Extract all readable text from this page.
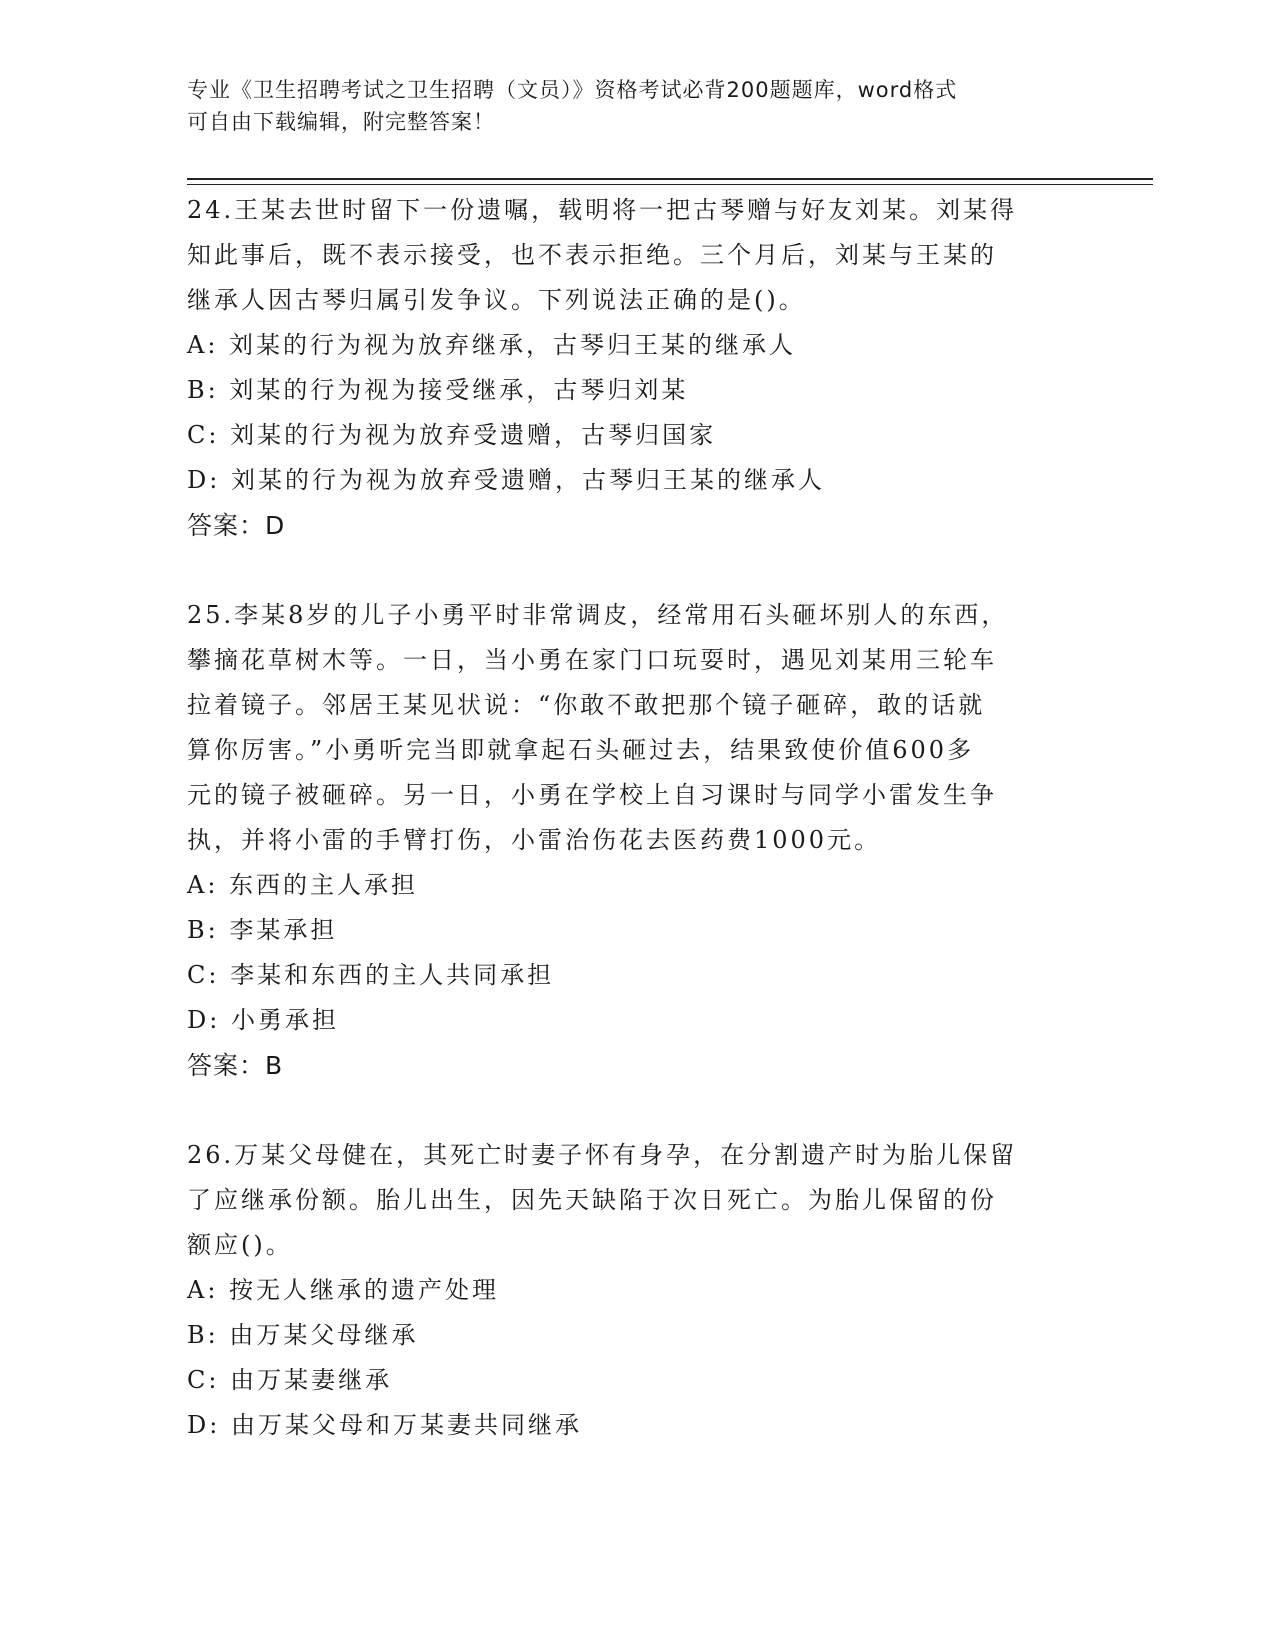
专业《卫生招聘考试之卫生招聘（文员）》资格考试必背200题题库，word格式
可自由下载编辑，附完整答案！
24.王某去世时留下一份遗嘱，载明将一把古琴赠与好友刘某。刘某得
知此事后，既不表示接受，也不表示拒绝。三个月后，刘某与王某的
继承人因古琴归属引发争议。下列说法正确的是()。
A: 刘某的行为视为放弃继承，古琴归王某的继承人
B: 刘某的行为视为接受继承，古琴归刘某
C: 刘某的行为视为放弃受遗赠，古琴归国家
D: 刘某的行为视为放弃受遗赠，古琴归王某的继承人
答案：D
25.李某8岁的儿子小勇平时非常调皮，经常用石头砸坏别人的东西，
攀摘花草树木等。一日，当小勇在家门口玩耍时，遇见刘某用三轮车
拉着镜子。邻居王某见状说：“你敢不敢把那个镜子砸碎，敢的话就
算你厉害。”小勇听完当即就拿起石头砸过去，结果致使价值600多
元的镜子被砸碎。另一日，小勇在学校上自习课时与同学小雷发生争
执，并将小雷的手臂打伤，小雷治伤花去医药费1000元。
A: 东西的主人承担
B: 李某承担
C: 李某和东西的主人共同承担
D: 小勇承担
答案：B
26.万某父母健在，其死亡时妻子怀有身孕，在分割遗产时为胎儿保留
了应继承份额。胎儿出生，因先天缺陷于次日死亡。为胎儿保留的份
额应()。
A: 按无人继承的遗产处理
B: 由万某父母继承
C: 由万某妻继承
D: 由万某父母和万某妻共同继承
